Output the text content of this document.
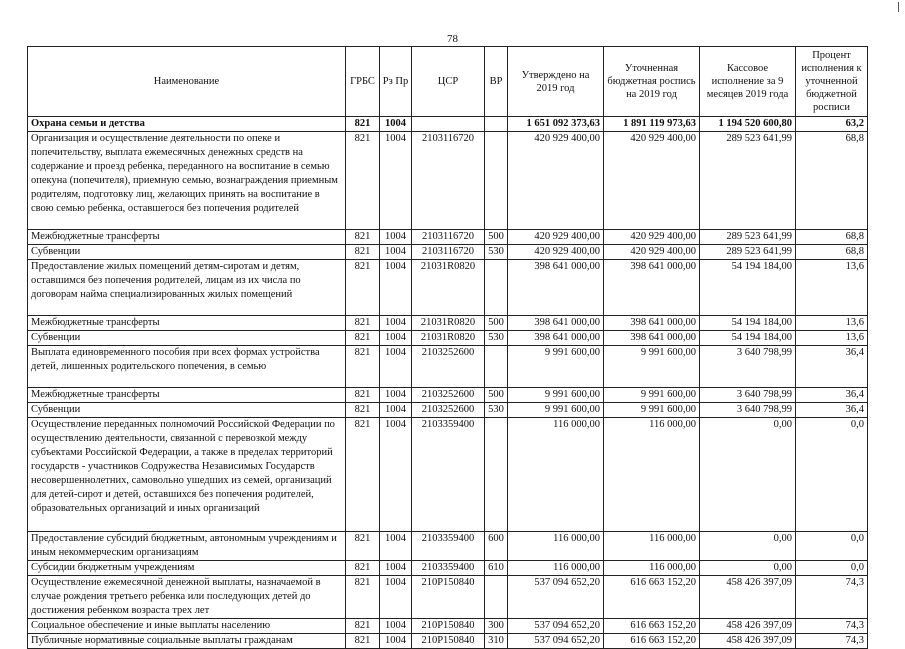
78
Наименование	ГРБС	Рз Пр	ЦСР	ВР	Утверждено на 2019 год	Уточненная бюджетная роспись на 2019 год	Кассовое исполнение за 9 месяцев 2019 года	Процент исполнения к уточненной бюджетной росписи
Охрана семьи и детства	821	1004			1 651 092 373,63	1 891 119 973,63	1 194 520 600,80	63,2
Организация и осуществление деятельности по опеке и попечительству, выплата ежемесячных денежных средств на содержание и проезд ребенка, переданного на воспитание в семью опекуна (попечителя), приемную семью, вознаграждения приемным родителям, подготовку лиц, желающих принять на воспитание в свою семью ребенка, оставшегося без попечения родителей	821	1004	2103116720		420 929 400,00	420 929 400,00	289 523 641,99	68,8
Межбюджетные трансферты	821	1004	2103116720	500	420 929 400,00	420 929 400,00	289 523 641,99	68,8
Субвенции	821	1004	2103116720	530	420 929 400,00	420 929 400,00	289 523 641,99	68,8
Предоставление жилых помещений детям-сиротам и детям, оставшимся без попечения родителей, лицам из их числа по договорам найма специализированных жилых помещений	821	1004	21031R0820		398 641 000,00	398 641 000,00	54 194 184,00	13,6
Межбюджетные трансферты	821	1004	21031R0820	500	398 641 000,00	398 641 000,00	54 194 184,00	13,6
Субвенции	821	1004	21031R0820	530	398 641 000,00	398 641 000,00	54 194 184,00	13,6
Выплата единовременного пособия при всех формах устройства детей, лишенных родительского попечения, в семью	821	1004	2103252600		9 991 600,00	9 991 600,00	3 640 798,99	36,4
Межбюджетные трансферты	821	1004	2103252600	500	9 991 600,00	9 991 600,00	3 640 798,99	36,4
Субвенции	821	1004	2103252600	530	9 991 600,00	9 991 600,00	3 640 798,99	36,4
Осуществление переданных полномочий Российской Федерации по осуществлению деятельности, связанной с перевозкой между субъектами Российской Федерации, а также в пределах территорий государств - участников Содружества Независимых Государств несовершеннолетних, самовольно ушедших из семей, организаций для детей-сирот и детей, оставшихся без попечения родителей, образовательных организаций и иных организаций	821	1004	2103359400		116 000,00	116 000,00	0,00	0,0
Предоставление субсидий бюджетным, автономным учреждениям и иным некоммерческим организациям	821	1004	2103359400	600	116 000,00	116 000,00	0,00	0,0
Субсидии бюджетным учреждениям	821	1004	2103359400	610	116 000,00	116 000,00	0,00	0,0
Осуществление ежемесячной денежной выплаты, назначаемой в случае рождения третьего ребенка или последующих детей до достижения ребенком возраста трех лет	821	1004	210P150840		537 094 652,20	616 663 152,20	458 426 397,09	74,3
Социальное обеспечение и иные выплаты населению	821	1004	210P150840	300	537 094 652,20	616 663 152,20	458 426 397,09	74,3
Публичные нормативные социальные выплаты гражданам	821	1004	210P150840	310	537 094 652,20	616 663 152,20	458 426 397,09	74,3
